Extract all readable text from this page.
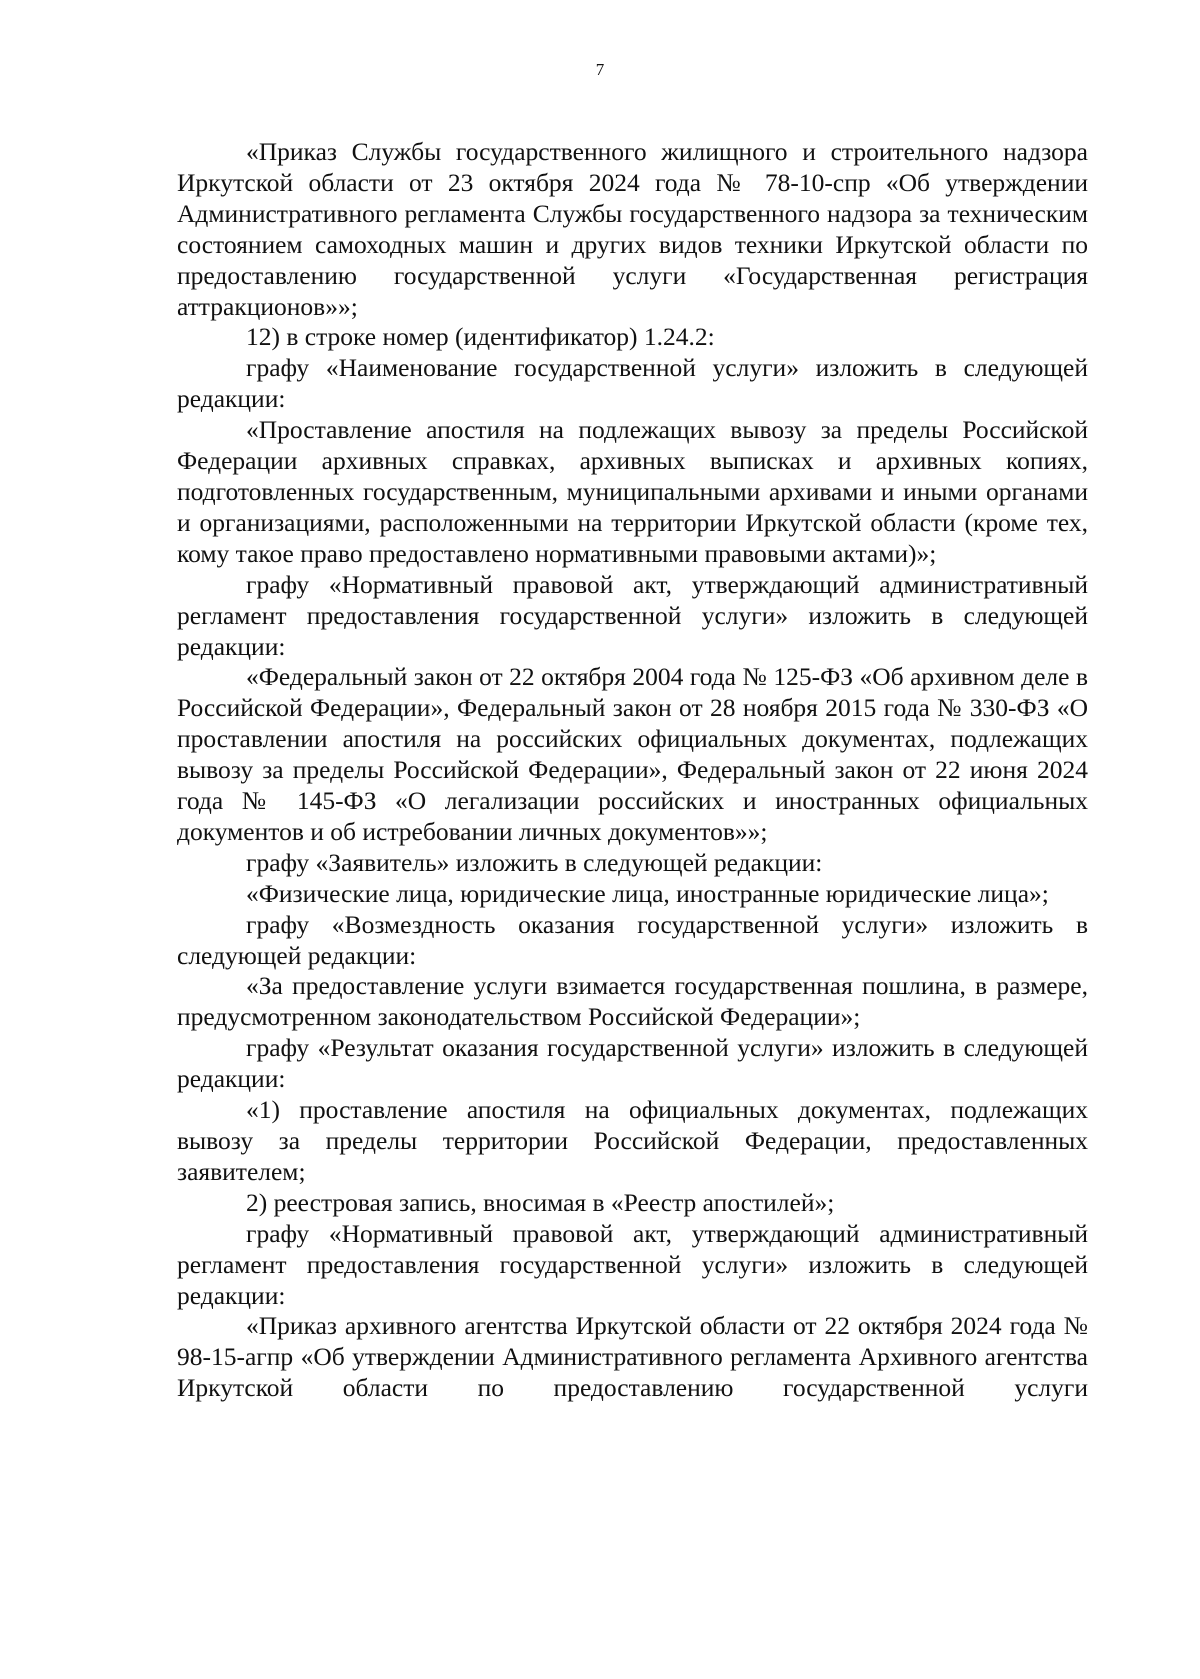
7

«Приказ Службы государственного жилищного и строительного надзора Иркутской области от 23 октября 2024 года № 78-10-спр «Об утверждении Административного регламента Службы государственного надзора за техническим состоянием самоходных машин и других видов техники Иркутской области по предоставлению государственной услуги «Государственная регистрация аттракционов»»;

12) в строке номер (идентификатор) 1.24.2:

графу «Наименование государственной услуги» изложить в следующей редакции:

«Проставление апостиля на подлежащих вывозу за пределы Российской Федерации архивных справках, архивных выписках и архивных копиях, подготовленных государственным, муниципальными архивами и иными органами и организациями, расположенными на территории Иркутской области (кроме тех, кому такое право предоставлено нормативными правовыми актами)»;

графу «Нормативный правовой акт, утверждающий административный регламент предоставления государственной услуги» изложить в следующей редакции:

«Федеральный закон от 22 октября 2004 года № 125-ФЗ «Об архивном деле в Российской Федерации», Федеральный закон от 28 ноября 2015 года № 330-ФЗ «О проставлении апостиля на российских официальных документах, подлежащих вывозу за пределы Российской Федерации», Федеральный закон от 22 июня 2024 года № 145-ФЗ «О легализации российских и иностранных официальных документов и об истребовании личных документов»»;

графу «Заявитель» изложить в следующей редакции:

«Физические лица, юридические лица, иностранные юридические лица»;

графу «Возмездность оказания государственной услуги» изложить в следующей редакции:

«За предоставление услуги взимается государственная пошлина, в размере, предусмотренном законодательством Российской Федерации»;

графу «Результат оказания государственной услуги» изложить в следующей редакции:

«1) проставление апостиля на официальных документах, подлежащих вывозу за пределы территории Российской Федерации, предоставленных заявителем;

2) реестровая запись, вносимая в «Реестр апостилей»;

графу «Нормативный правовой акт, утверждающий административный регламент предоставления государственной услуги» изложить в следующей редакции:

«Приказ архивного агентства Иркутской области от 22 октября 2024 года № 98-15-агпр «Об утверждении Административного регламента Архивного агентства Иркутской области по предоставлению государственной услуги
